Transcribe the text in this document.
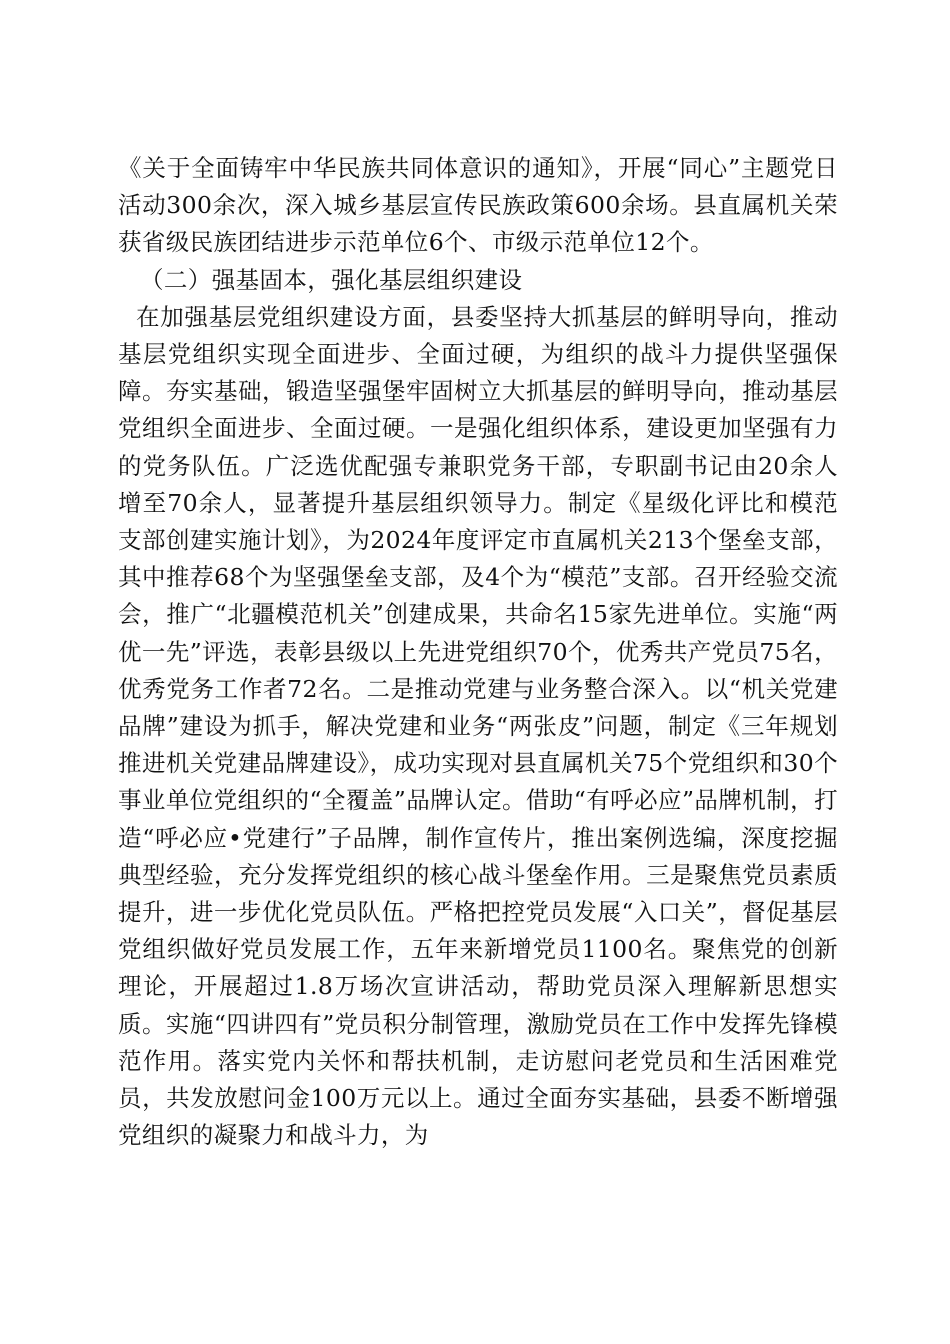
《关于全面铸牢中华民族共同体意识的通知》，开展“同心”主题党日活动300余次，深入城乡基层宣传民族政策600余场。县直属机关荣获省级民族团结进步示范单位6个、市级示范单位12个。

（二）强基固本，强化基层组织建设

在加强基层党组织建设方面，县委坚持大抓基层的鲜明导向，推动基层党组织实现全面进步、全面过硬，为组织的战斗力提供坚强保障。夯实基础，锻造坚强堡牢固树立大抓基层的鲜明导向，推动基层党组织全面进步、全面过硬。一是强化组织体系，建设更加坚强有力的党务队伍。广泛选优配强专兼职党务干部，专职副书记由20余人增至70余人，显著提升基层组织领导力。制定《星级化评比和模范支部创建实施计划》，为2024年度评定市直属机关213个堡垒支部，其中推荐68个为坚强堡垒支部，及4个为“模范”支部。召开经验交流会，推广“北疆模范机关”创建成果，共命名15家先进单位。实施“两优一先”评选，表彰县级以上先进党组织70个，优秀共产党员75名，优秀党务工作者72名。二是推动党建与业务整合深入。以“机关党建品牌”建设为抓手，解决党建和业务“两张皮”问题，制定《三年规划推进机关党建品牌建设》，成功实现对县直属机关75个党组织和30个事业单位党组织的“全覆盖”品牌认定。借助“有呼必应”品牌机制，打造“呼必应•党建行”子品牌，制作宣传片，推出案例选编，深度挖掘典型经验，充分发挥党组织的核心战斗堡垒作用。三是聚焦党员素质提升，进一步优化党员队伍。严格把控党员发展“入口关”，督促基层党组织做好党员发展工作，五年来新增党员1100名。聚焦党的创新理论，开展超过1.8万场次宣讲活动，帮助党员深入理解新思想实质。实施“四讲四有”党员积分制管理，激励党员在工作中发挥先锋模范作用。落实党内关怀和帮扶机制，走访慰问老党员和生活困难党员，共发放慰问金100万元以上。通过全面夯实基础，县委不断增强党组织的凝聚力和战斗力，为
